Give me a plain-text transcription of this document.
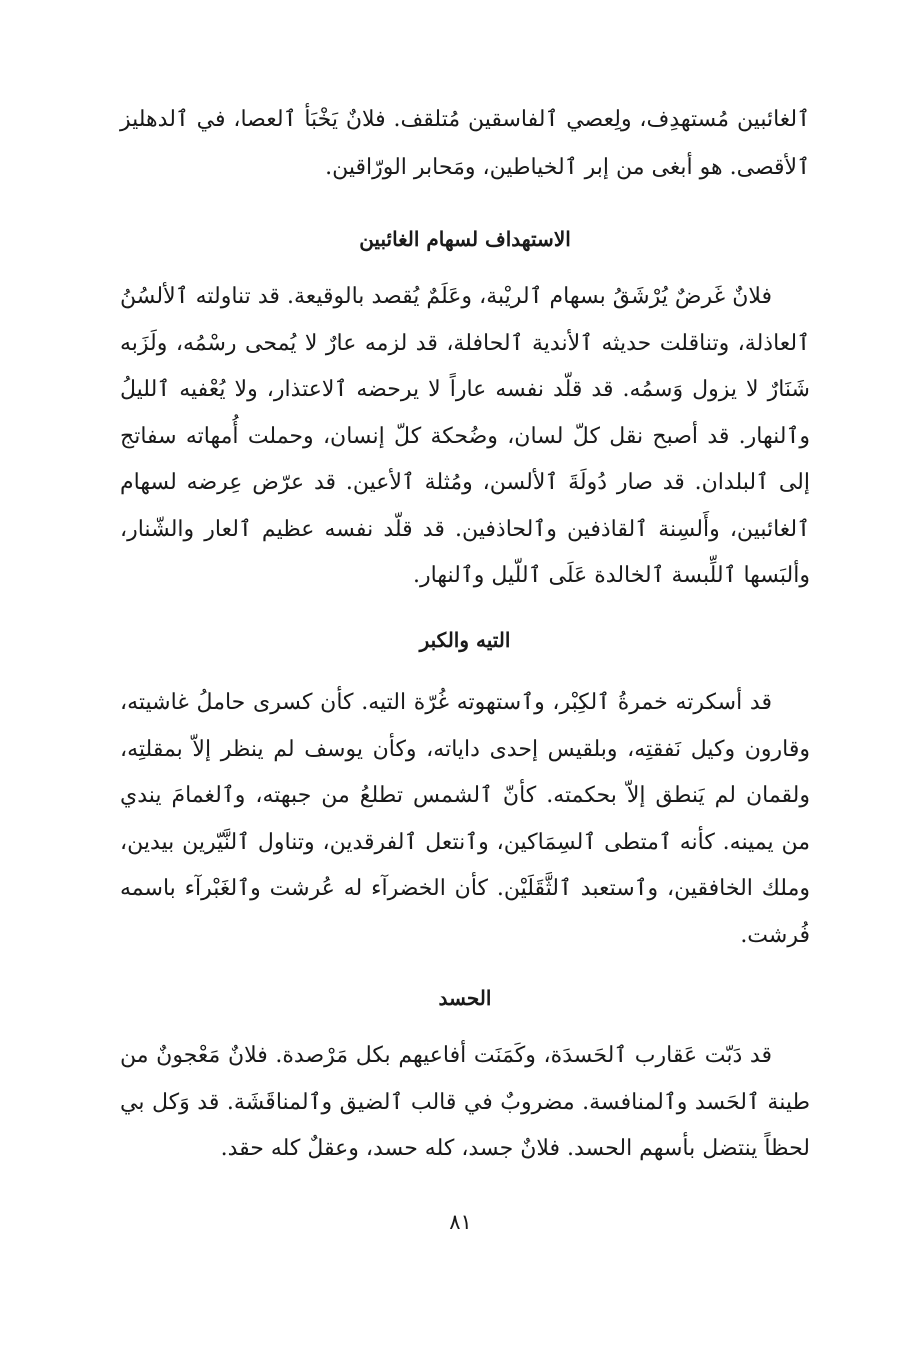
ٱلغائبين مُستهدِف، ولِعصي ٱلفاسقين مُتلقف. فلانٌ يَخْبَأ ٱلعصا، في ٱلدهليز ٱلأقصى. هو أبغى من إبر ٱلخياطين، ومَحابر الورّاقين.

الاستهداف لسهام الغائبين

فلانٌ غَرضٌ يُرْشَقُ بسهام ٱلريْبة، وعَلَمٌ يُقصد بالوقيعة. قد تناولته ٱلألسُنُ ٱلعاذلة، وتناقلت حديثه ٱلأندية ٱلحافلة، قد لزمه عارٌ لا يُمحى رسْمُه، ولَزَبه شَنَارٌ لا يزول وَسمُه. قد قلّد نفسه عاراً لا يرحضه ٱلاعتذار، ولا يُعْفيه ٱلليلُ وٱلنهار. قد أصبح نقل كلّ لسان، وضُحكة كلّ إنسان، وحملت أُمهاته سفاتج إلى ٱلبلدان. قد صار دُولَةَ ٱلألسن، ومُثلة ٱلأعين. قد عرّض عِرضه لسهام ٱلغائبين، وأَلسِنة ٱلقاذفين وٱلحاذفين. قد قلّد نفسه عظيم ٱلعار والشّنار، وألبَسها ٱللِّبسة ٱلخالدة عَلَى ٱللّيل وٱلنهار.

التيه والكبر

قد أسكرته خمرةُ ٱلكِبْر، وٱستهوته غُرّة التيه. كأن كسرى حاملُ غاشيته، وقارون وكيل نَفقتِه، وبلقيس إحدى داياته، وكأن يوسف لم ينظر إلاّ بمقلتِه، ولقمان لم يَنطق إلاّ بحكمته. كأنّ ٱلشمس تطلعُ من جبهته، وٱلغمامَ يندي من يمينه. كأنه ٱمتطى ٱلسِمَاكين، وٱنتعل ٱلفرقدين، وتناول ٱلنَّيّرين بيدين، وملك الخافقين، وٱستعبد ٱلثَّقَلَيْن. كأن الخضرآء له عُرشت وٱلغَبْرآء باسمه فُرشت.

الحسد

قد دَبّت عَقارب ٱلحَسدَة، وكَمَنَت أفاعيهم بكل مَرْصدة. فلانٌ مَعْجونٌ من طينة ٱلحَسد وٱلمنافسة. مضروبٌ في قالب ٱلضيق وٱلمناقَشَة. قد وَكل بي لحظاً ينتضل بأسهم الحسد. فلانٌ جسد، كله حسد، وعقلٌ كله حقد.

٨١
